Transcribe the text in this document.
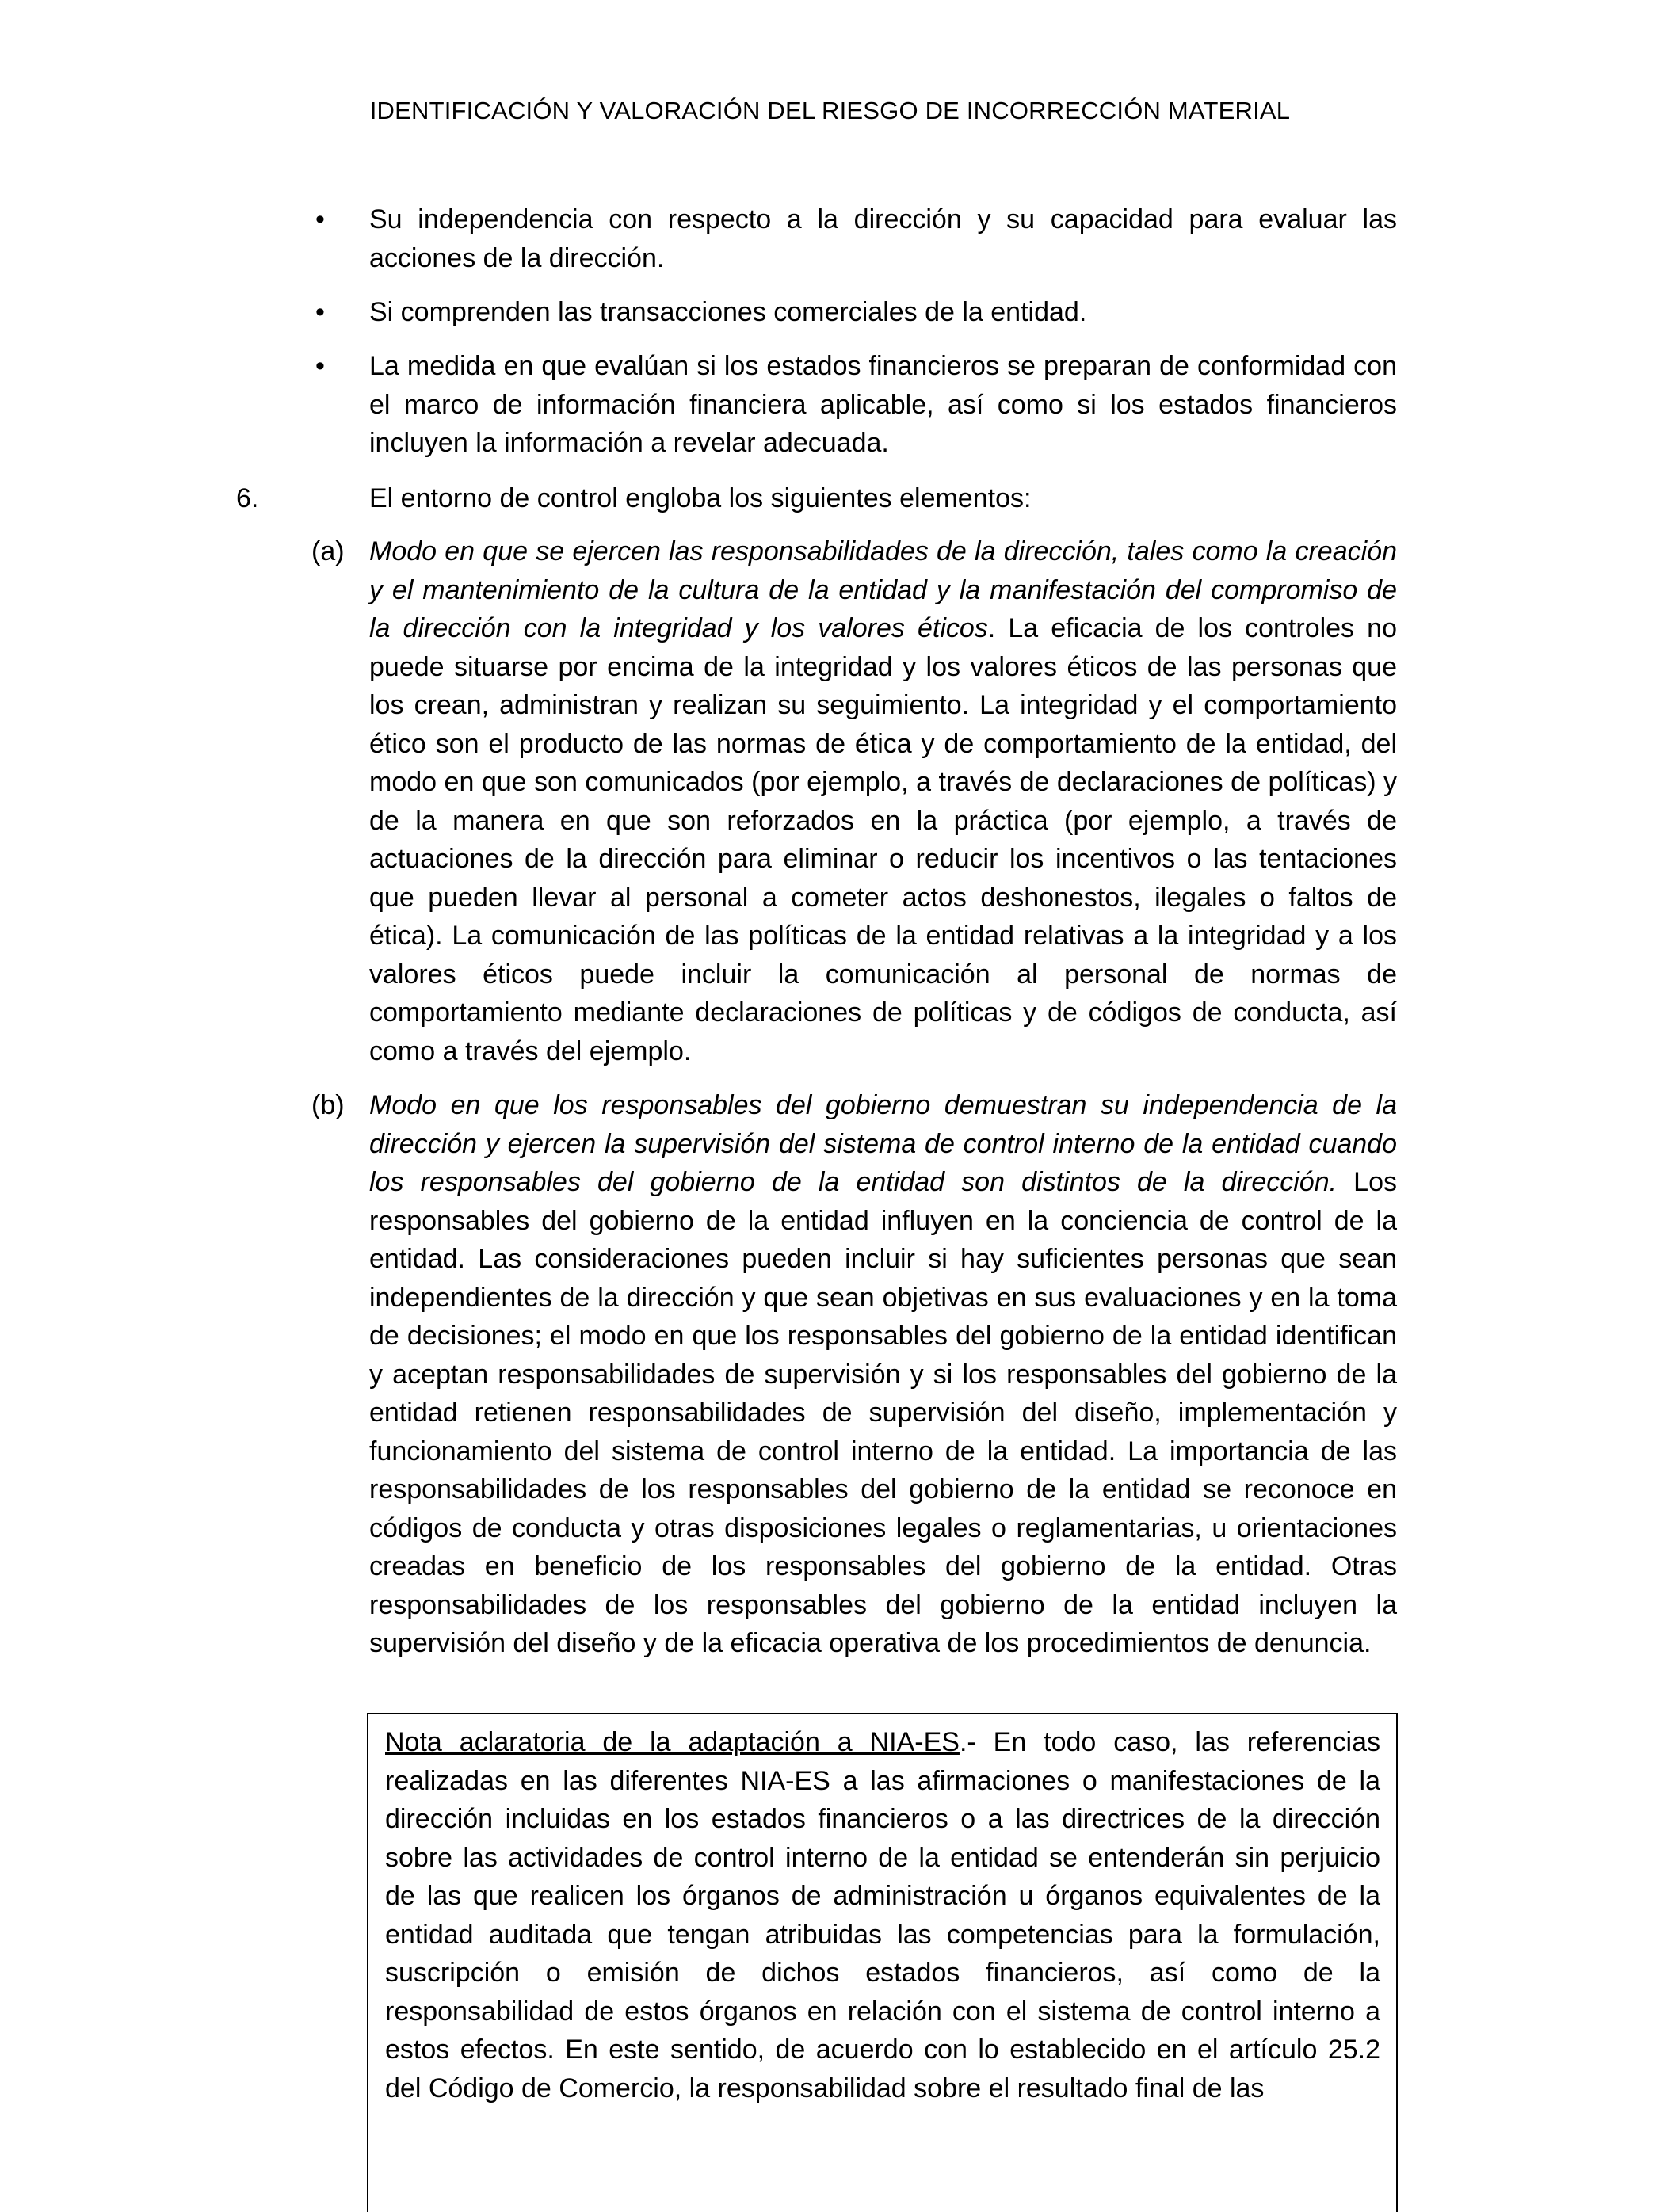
IDENTIFICACIÓN Y VALORACIÓN DEL RIESGO DE INCORRECCIÓN MATERIAL
• Su independencia con respecto a la dirección y su capacidad para evaluar las acciones de la dirección.

• Si comprenden las transacciones comerciales de la entidad.

• La medida en que evalúan si los estados financieros se preparan de conformidad con el marco de información financiera aplicable, así como si los estados financieros incluyen la información a revelar adecuada.

6.	El entorno de control engloba los siguientes elementos:

(a) Modo en que se ejercen las responsabilidades de la dirección, tales como la creación y el mantenimiento de la cultura de la entidad y la manifestación del compromiso de la dirección con la integridad y los valores éticos. La eficacia de los controles no puede situarse por encima de la integridad y los valores éticos de las personas que los crean, administran y realizan su seguimiento. La integridad y el comportamiento ético son el producto de las normas de ética y de comportamiento de la entidad, del modo en que son comunicados (por ejemplo, a través de declaraciones de políticas) y de la manera en que son reforzados en la práctica (por ejemplo, a través de actuaciones de la dirección para eliminar o reducir los incentivos o las tentaciones que pueden llevar al personal a cometer actos deshonestos, ilegales o faltos de ética). La comunicación de las políticas de la entidad relativas a la integridad y a los valores éticos puede incluir la comunicación al personal de normas de comportamiento mediante declaraciones de políticas y de códigos de conducta, así como a través del ejemplo.

(b) Modo en que los responsables del gobierno demuestran su independencia de la dirección y ejercen la supervisión del sistema de control interno de la entidad cuando los responsables del gobierno de la entidad son distintos de la dirección. Los responsables del gobierno de la entidad influyen en la conciencia de control de la entidad. Las consideraciones pueden incluir si hay suficientes personas que sean independientes de la dirección y que sean objetivas en sus evaluaciones y en la toma de decisiones; el modo en que los responsables del gobierno de la entidad identifican y aceptan responsabilidades de supervisión y si los responsables del gobierno de la entidad retienen responsabilidades de supervisión del diseño, implementación y funcionamiento del sistema de control interno de la entidad. La importancia de las responsabilidades de los responsables del gobierno de la entidad se reconoce en códigos de conducta y otras disposiciones legales o reglamentarias, u orientaciones creadas en beneficio de los responsables del gobierno de la entidad. Otras responsabilidades de los responsables del gobierno de la entidad incluyen la supervisión del diseño y de la eficacia operativa de los procedimientos de denuncia.

Nota aclaratoria de la adaptación a NIA-ES.- En todo caso, las referencias realizadas en las diferentes NIA-ES a las afirmaciones o manifestaciones de la dirección incluidas en los estados financieros o a las directrices de la dirección sobre las actividades de control interno de la entidad se entenderán sin perjuicio de las que realicen los órganos de administración u órganos equivalentes de la entidad auditada que tengan atribuidas las competencias para la formulación, suscripción o emisión de dichos estados financieros, así como de la responsabilidad de estos órganos en relación con el sistema de control interno a estos efectos. En este sentido, de acuerdo con lo establecido en el artículo 25.2 del Código de Comercio, la responsabilidad sobre el resultado final de las
